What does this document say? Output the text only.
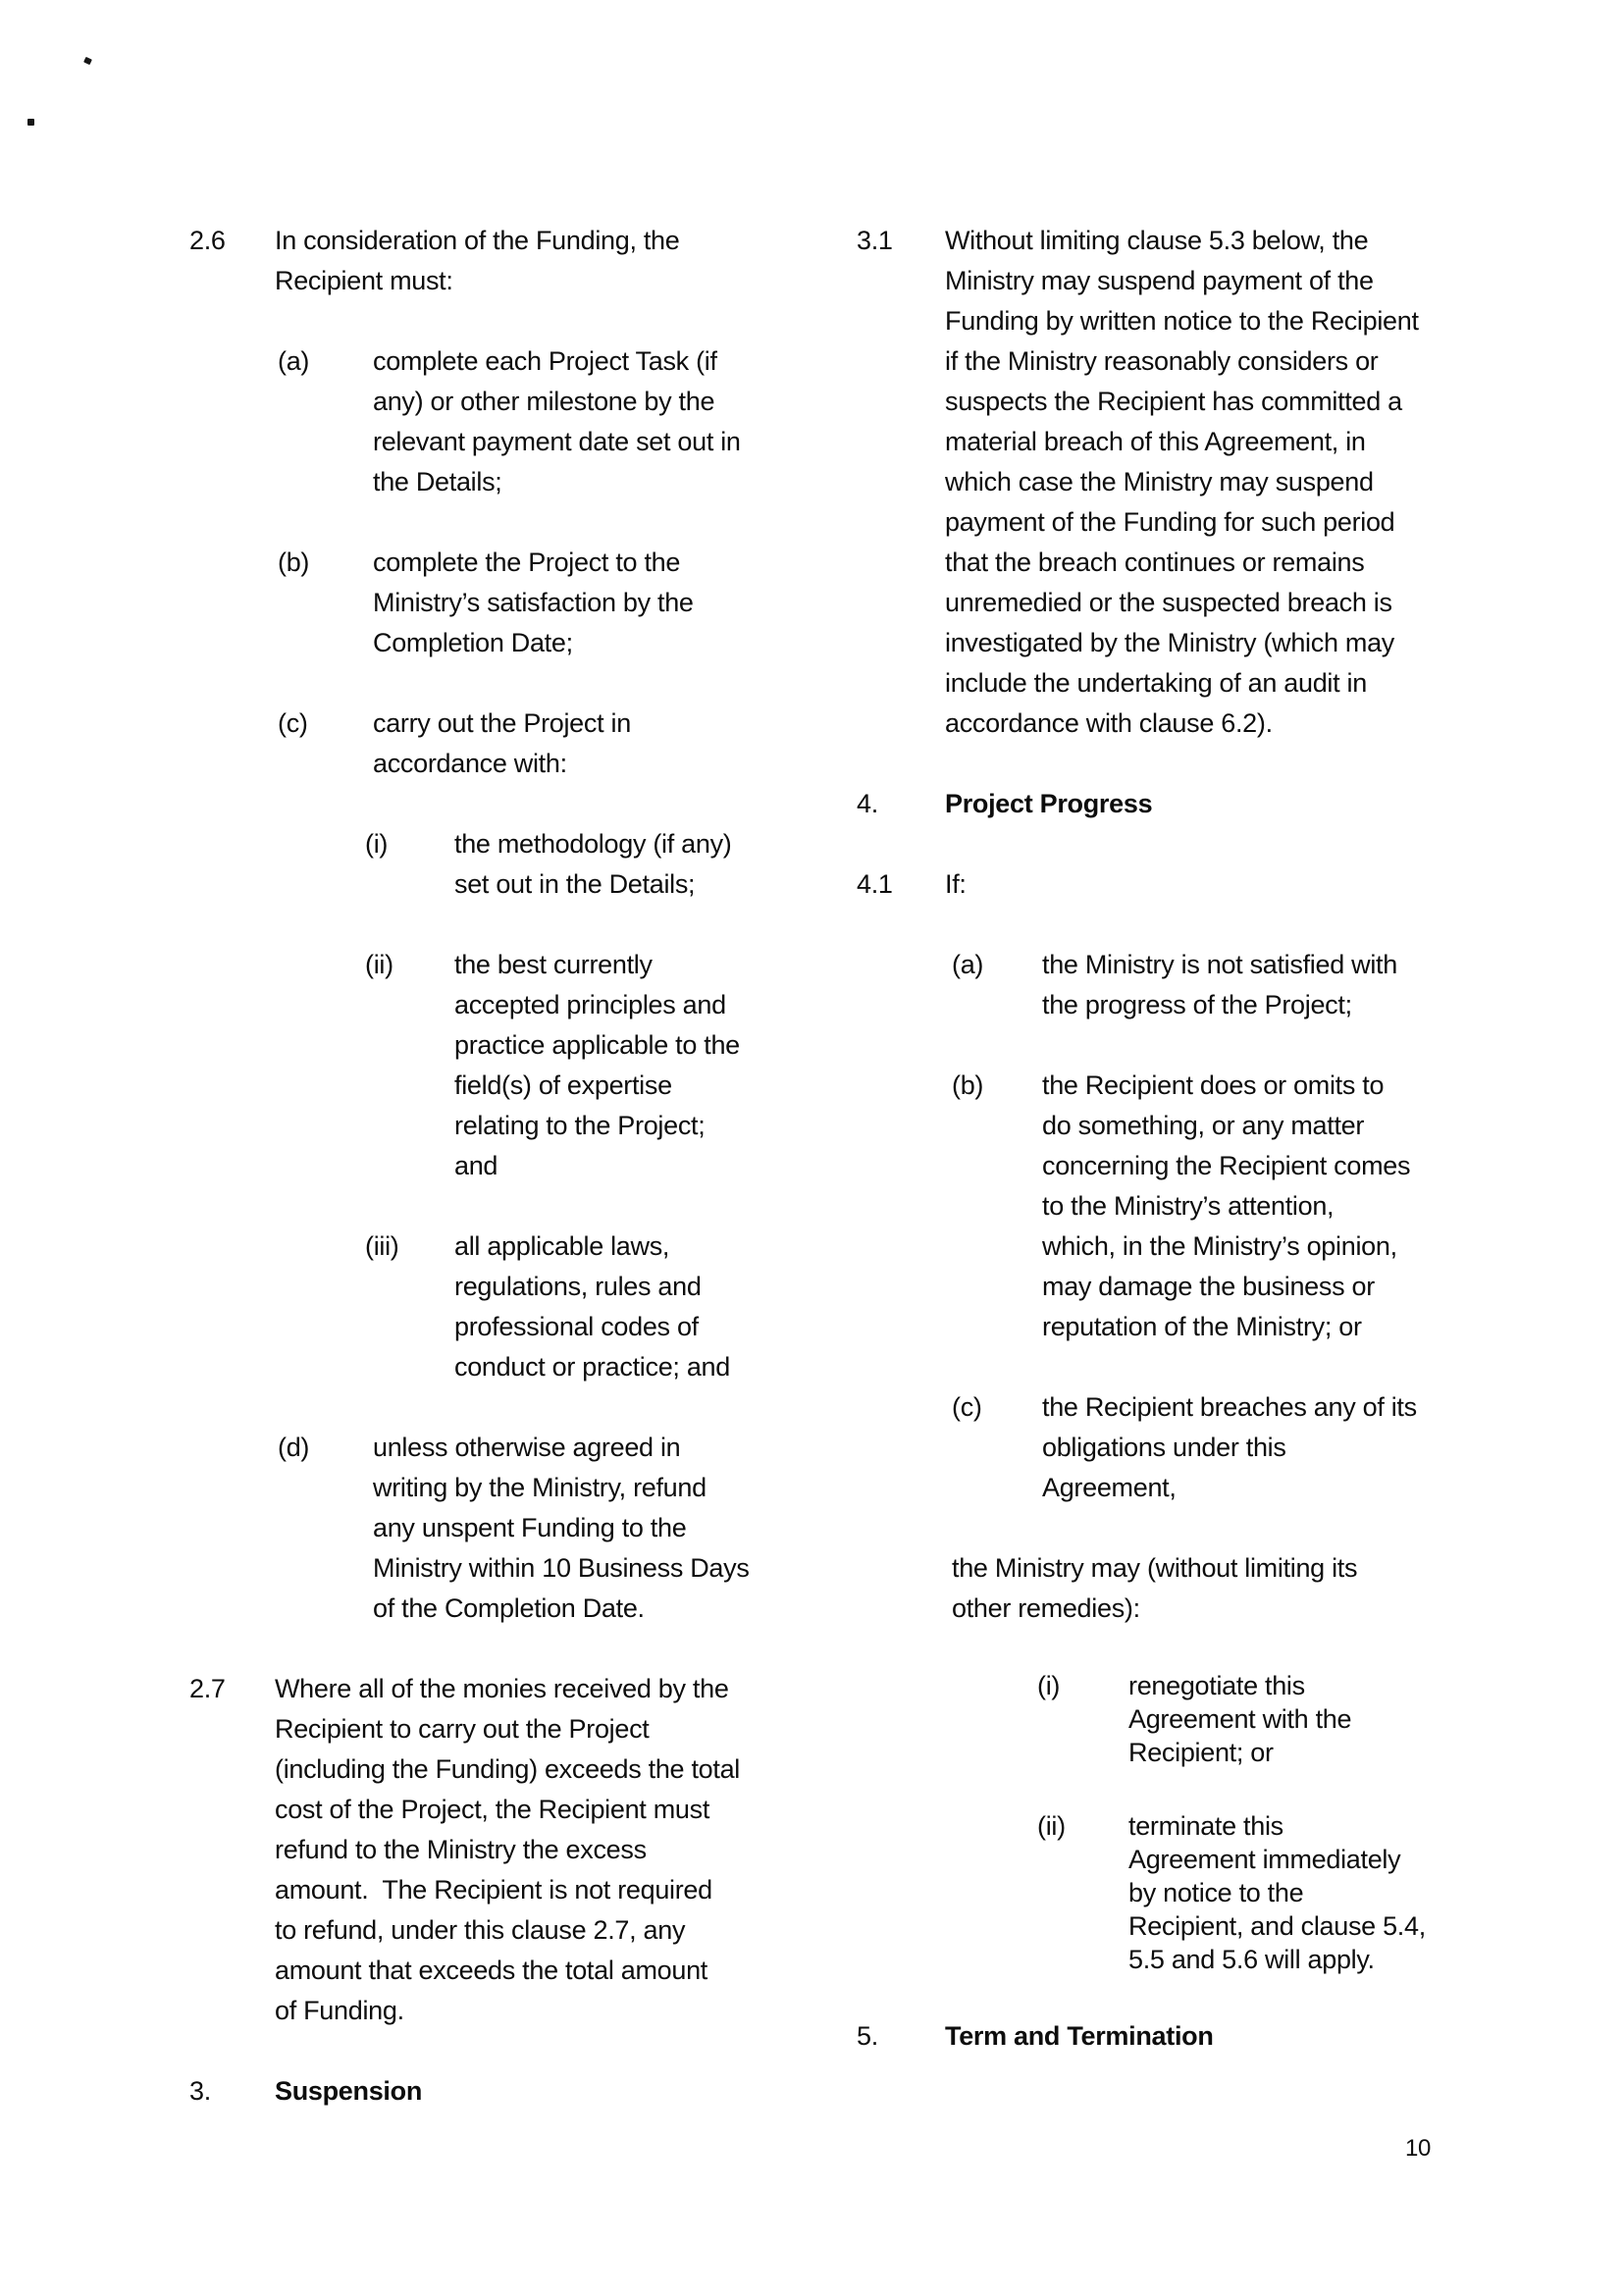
2.6	In consideration of the Funding, the
Recipient must:
(a)	complete each Project Task (if
any) or other milestone by the
relevant payment date set out in
the Details;
(b)	complete the Project to the
Ministry’s satisfaction by the
Completion Date;
(c)	carry out the Project in
accordance with:
(i)	the methodology (if any)
set out in the Details;
(ii)	the best currently
accepted principles and
practice applicable to the
field(s) of expertise
relating to the Project;
and
(iii)	all applicable laws,
regulations, rules and
professional codes of
conduct or practice; and
(d)	unless otherwise agreed in
writing by the Ministry, refund
any unspent Funding to the
Ministry within 10 Business Days
of the Completion Date.
2.7	Where all of the monies received by the
Recipient to carry out the Project
(including the Funding) exceeds the total
cost of the Project, the Recipient must
refund to the Ministry the excess
amount.  The Recipient is not required
to refund, under this clause 2.7, any
amount that exceeds the total amount
of Funding.
3.	Suspension
3.1	Without limiting clause 5.3 below, the
Ministry may suspend payment of the
Funding by written notice to the Recipient
if the Ministry reasonably considers or
suspects the Recipient has committed a
material breach of this Agreement, in
which case the Ministry may suspend
payment of the Funding for such period
that the breach continues or remains
unremedied or the suspected breach is
investigated by the Ministry (which may
include the undertaking of an audit in
accordance with clause 6.2).
4.	Project Progress
4.1	If:
(a)	the Ministry is not satisfied with
the progress of the Project;
(b)	the Recipient does or omits to
do something, or any matter
concerning the Recipient comes
to the Ministry’s attention,
which, in the Ministry’s opinion,
may damage the business or
reputation of the Ministry; or
(c)	the Recipient breaches any of its
obligations under this
Agreement,
the Ministry may (without limiting its
other remedies):
(i)	renegotiate this
Agreement with the
Recipient; or
(ii)	terminate this
Agreement immediately
by notice to the
Recipient, and clause 5.4,
5.5 and 5.6 will apply.
5.	Term and Termination
10
